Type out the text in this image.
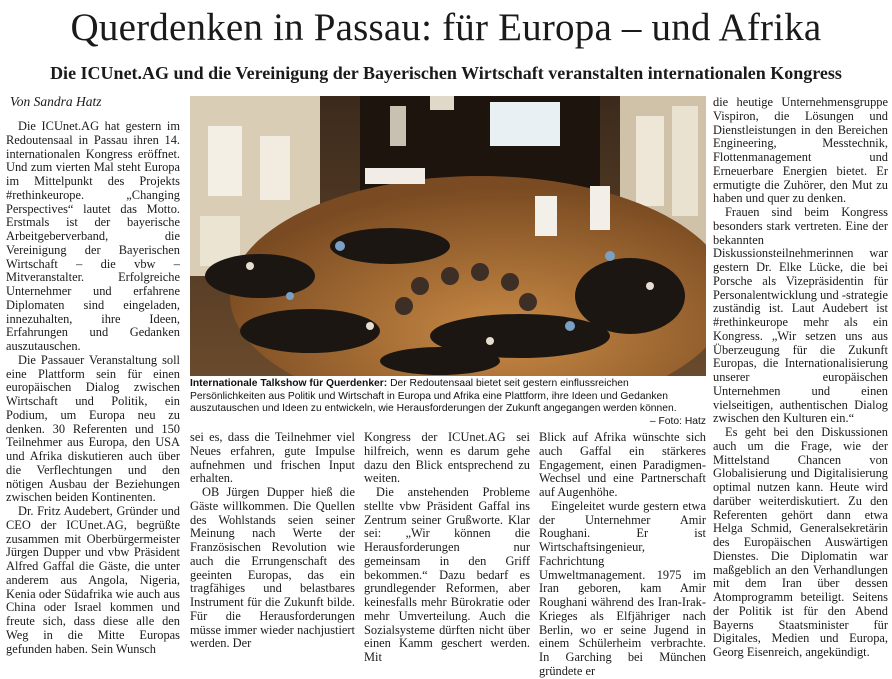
Querdenken in Passau: für Europa – und Afrika
Die ICUnet.AG und die Vereinigung der Bayerischen Wirtschaft veranstalten internationalen Kongress
Von Sandra Hatz

Die ICUnet.AG hat gestern im Redoutensaal in Passau ihren 14. internationalen Kongress eröffnet. Und zum vierten Mal steht Europa im Mittelpunkt des Projekts #rethinkeurope. „Changing Perspectives“ lautet das Motto. Erstmals ist der bayerische Arbeitgeberverband, die Vereinigung der Bayerischen Wirtschaft – die vbw – Mitveranstalter. Erfolgreiche Unternehmer und erfahrene Diplomaten sind eingeladen, innezuhalten, ihre Ideen, Erfahrungen und Gedanken auszutauschen.

Die Passauer Veranstaltung soll eine Plattform sein für einen europäischen Dialog zwischen Wirtschaft und Politik, ein Podium, um Europa neu zu denken. 30 Referenten und 150 Teilnehmer aus Europa, den USA und Afrika diskutieren auch über die Verflechtungen und den nötigen Ausbau der Beziehungen zwischen beiden Kontinenten.

Dr. Fritz Audebert, Gründer und CEO der ICUnet.AG, begrüßte zusammen mit Oberbürgermeister Jürgen Dupper und vbw Präsident Alfred Gaffal die Gäste, die unter anderem aus Angola, Nigeria, Kenia oder Südafrika wie auch aus China oder Israel kommen und freute sich, dass diese alle den Weg in die Mitte Europas gefunden haben. Sein Wunsch

Internationale Talkshow für Querdenker: Der Redoutensaal bietet seit gestern einflussreichen Persönlichkeiten aus Politik und Wirtschaft in Europa und Afrika eine Plattform, ihre Ideen und Gedanken auszutauschen und Ideen zu entwickeln, wie Herausforderungen der Zukunft angegangen werden können.
– Foto: Hatz

sei es, dass die Teilnehmer viel Neues erfahren, gute Impulse aufnehmen und frischen Input erhalten.

OB Jürgen Dupper hieß die Gäste willkommen. Die Quellen des Wohlstands seien seiner Meinung nach Werte der Französischen Revolution wie auch die Errungenschaft des geeinten Europas, das ein tragfähiges und belastbares Instrument für die Zukunft bilde. Für die Herausforderungen müsse immer wieder nachjustiert werden. Der

Kongress der ICUnet.AG sei hilfreich, wenn es darum gehe dazu den Blick entsprechend zu weiten.

Die anstehenden Probleme stellte vbw Präsident Gaffal ins Zentrum seiner Grußworte. Klar sei: „Wir können die Herausforderungen nur gemeinsam in den Griff bekommen.“ Dazu bedarf es grundlegender Reformen, aber keinesfalls mehr Bürokratie oder mehr Umverteilung. Auch die Sozialsysteme dürften nicht über einen Kamm geschert werden. Mit

Blick auf Afrika wünschte sich auch Gaffal ein stärkeres Engagement, einen Paradigmen-Wechsel und eine Partnerschaft auf Augenhöhe.

Eingeleitet wurde gestern etwa der Unternehmer Amir Roughani. Er ist Wirtschaftsingenieur, Fachrichtung Umweltmanagement. 1975 im Iran geboren, kam Amir Roughani während des Iran-Irak-Krieges als Elfjähriger nach Berlin, wo er seine Jugend in einem Schülerheim verbrachte. In Garching bei München gründete er

die heutige Unternehmensgruppe Vispiron, die Lösungen und Dienstleistungen in den Bereichen Engineering, Messtechnik, Flottenmanagement und Erneuerbare Energien bietet. Er ermutigte die Zuhörer, den Mut zu haben und quer zu denken.

Frauen sind beim Kongress besonders stark vertreten. Eine der bekannten Diskussionsteilnehmerinnen war gestern Dr. Elke Lücke, die bei Porsche als Vizepräsidentin für Personalentwicklung und -strategie zuständig ist. Laut Audebert ist #rethinkeurope mehr als ein Kongress. „Wir setzen uns aus Überzeugung für die Zukunft Europas, die Internationalisierung unserer europäischen Unternehmen und einen vielseitigen, authentischen Dialog zwischen den Kulturen ein.“

Es geht bei den Diskussionen auch um die Frage, wie der Mittelstand Chancen von Globalisierung und Digitalisierung optimal nutzen kann. Heute wird darüber weiterdiskutiert. Zu den Referenten gehört dann etwa Helga Schmid, Generalsekretärin des Europäischen Auswärtigen Dienstes. Die Diplomatin war maßgeblich an den Verhandlungen mit dem Iran über dessen Atomprogramm beteiligt. Seitens der Politik ist für den Abend Bayerns Staatsminister für Digitales, Medien und Europa, Georg Eisenreich, angekündigt.
